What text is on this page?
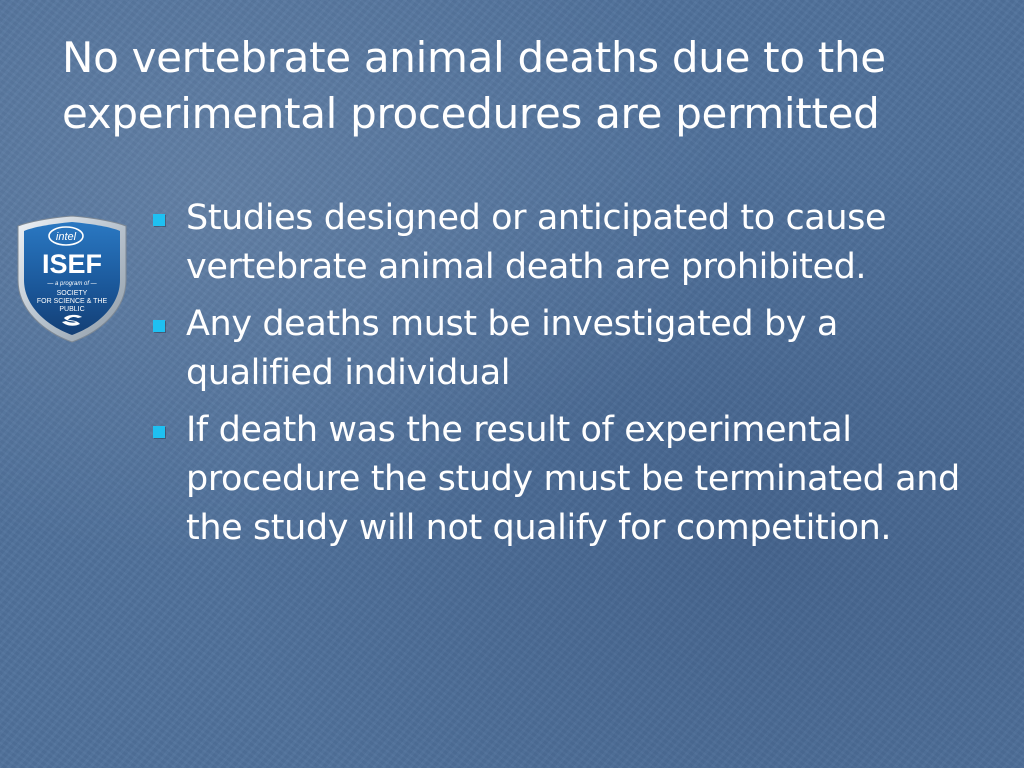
No vertebrate animal deaths due to the experimental procedures are permitted
intel
ISEF
— a program of —
SOCIETY
FOR SCIENCE & THE
PUBLIC
Studies designed or anticipated to cause vertebrate animal death are prohibited.
Any deaths must be investigated by a qualified individual
If death was the result of experimental procedure the study must be terminated and the study will not qualify for competition.
